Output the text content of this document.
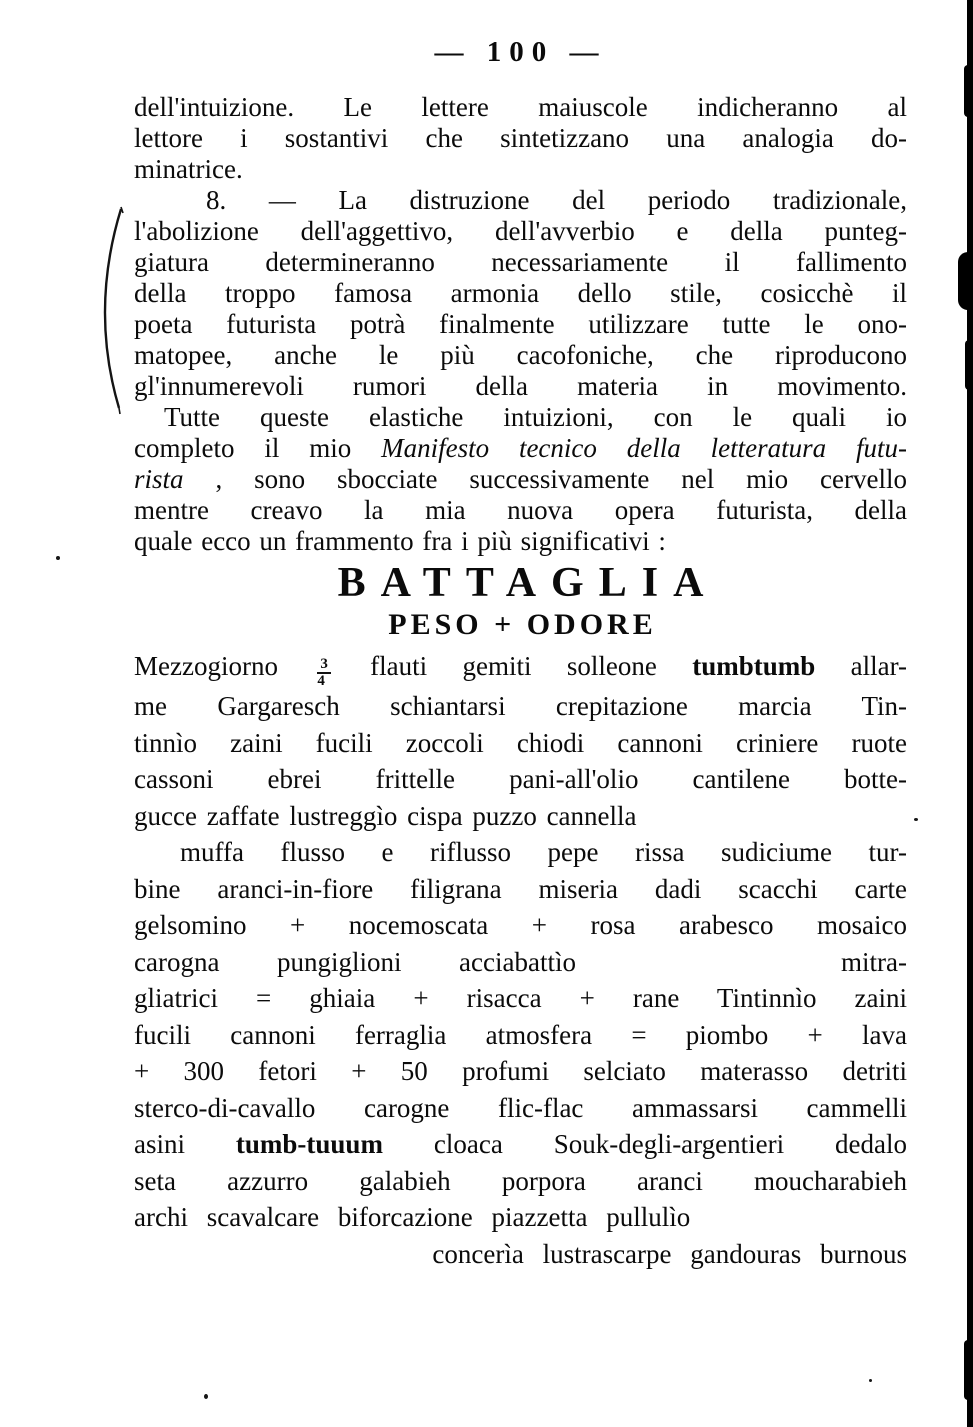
— 100 —
dell'intuizione. Le lettere maiuscole indicheranno al
lettore i sostantivi che sintetizzano una analogia do-
minatrice.
8. — La distruzione del periodo tradizionale,
l'abolizione dell'aggettivo, dell'avverbio e della punteg-
giatura determineranno necessariamente il fallimento
della troppo famosa armonia dello stile, cosicchè il
poeta futurista potrà finalmente utilizzare tutte le ono-
matopee, anche le più cacofoniche, che riproducono
gl'innumerevoli rumori della materia in movimento.
Tutte queste elastiche intuizioni, con le quali io
completo il mio Manifesto tecnico della letteratura futu-
rista , sono sbocciate successivamente nel mio cervello
mentre creavo la mia nuova opera futurista, della
quale ecco un frammento fra i più significativi :
BATTAGLIA
PESO + ODORE
Mezzogiorno	$\frac{3}{4}$ flauti gemiti solleone tumbtumb allar-
me Gargaresch schiantarsi crepitazione marcia Tin-
tinnìo zaini fucili zoccoli chiodi cannoni criniere ruote
cassoni ebrei frittelle pani-all'olio cantilene botte-
gucce zaffate lustreggìo cispa puzzo cannella
muffa flusso e riflusso pepe rissa sudiciume tur-
bine aranci-in-fiore filigrana miseria dadi scacchi carte
gelsomino + nocemoscata + rosa arabesco mosaico
carogna pungiglioni acciabattìo	mitra-
gliatrici = ghiaia + risacca + rane Tintinnìo zaini
fucili cannoni ferraglia atmosfera = piombo + lava
+ 300 fetori + 50 profumi selciato materasso detriti
sterco-di-cavallo carogne flic-flac ammassarsi cammelli
asini tumb-tuuum cloaca Souk-degli-argentieri dedalo
seta azzurro galabieh porpora aranci moucharabieh
archi scavalcare biforcazione piazzetta pullulìo
concerìa lustrascarpe gandouras burnous
